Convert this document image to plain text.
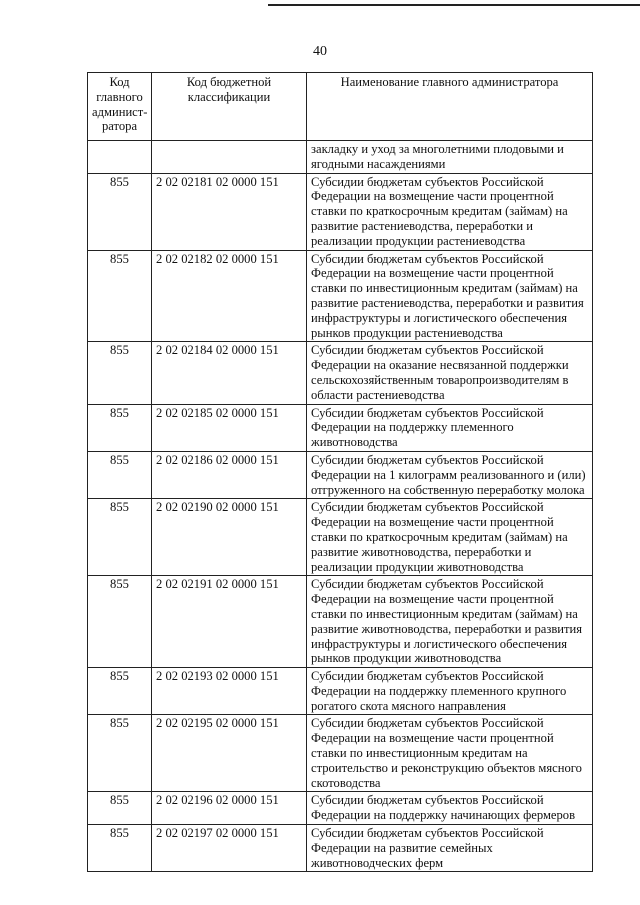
40
Код главного админист-ратора	Код бюджетной классификации	Наименование главного администратора
		закладку и уход за многолетними плодовыми и ягодными насаждениями
855	2 02 02181 02 0000 151	Субсидии бюджетам субъектов Российской Федерации на возмещение части процентной ставки по краткосрочным кредитам (займам) на развитие растениеводства, переработки и реализации продукции растениеводства
855	2 02 02182 02 0000 151	Субсидии бюджетам субъектов Российской Федерации на возмещение части процентной ставки по инвестиционным кредитам (займам) на развитие растениеводства, переработки и развития инфраструктуры и логистического обеспечения рынков продукции растениеводства
855	2 02 02184 02 0000 151	Субсидии бюджетам субъектов Российской Федерации на оказание несвязанной поддержки сельскохозяйственным товаропроизводителям в области растениеводства
855	2 02 02185 02 0000 151	Субсидии бюджетам субъектов Российской Федерации на поддержку племенного животноводства
855	2 02 02186 02 0000 151	Субсидии бюджетам субъектов Российской Федерации на 1 килограмм реализованного и (или) отгруженного на собственную переработку молока
855	2 02 02190 02 0000 151	Субсидии бюджетам субъектов Российской Федерации на возмещение части процентной ставки по краткосрочным кредитам (займам) на развитие животноводства, переработки и реализации продукции животноводства
855	2 02 02191 02 0000 151	Субсидии бюджетам субъектов Российской Федерации на возмещение части процентной ставки по инвестиционным кредитам (займам) на развитие животноводства, переработки и развития инфраструктуры и логистического обеспечения рынков продукции животноводства
855	2 02 02193 02 0000 151	Субсидии бюджетам субъектов Российской Федерации на поддержку племенного крупного рогатого скота мясного направления
855	2 02 02195 02 0000 151	Субсидии бюджетам субъектов Российской Федерации на возмещение части процентной ставки по инвестиционным кредитам на строительство и реконструкцию объектов мясного скотоводства
855	2 02 02196 02 0000 151	Субсидии бюджетам субъектов Российской Федерации на поддержку начинающих фермеров
855	2 02 02197 02 0000 151	Субсидии бюджетам субъектов Российской Федерации на развитие семейных животноводческих ферм
